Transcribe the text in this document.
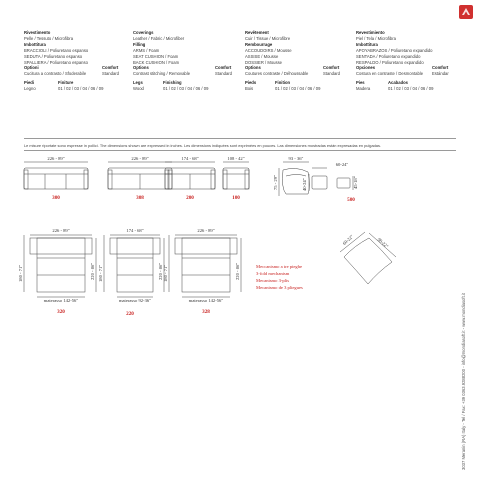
Rivestimento
Pelle / Tessuto / Microfibra
Imbottitura
BRACCIOLI / Poliuretano espanso
SEDUTA / Poliuretano espanso
SPALLIERA / Poliuretano espanso
Optioni	Comfort
Cucitura a contrasto / Sfoderabile	Standard
Piedi	Finiture
Legno	01 / 02 / 03 / 04 / 06 / 09
Coverings
Leather / Fabric / Microfiber
Filling
ARMS / Foam
SEAT CUSHION / Foam
BACK CUSHION / Foam
Options	Comfort
Contrast stitching / Removable	Standard
Legs	Finishing
Wood	01 / 02 / 03 / 04 / 06 / 09
Revêtement
Cuir / Tissue / Microfibre
Rembourrage
ACCOUDOIRS / Mousse
ASSISE / Mousse
DOSSIER / Mousse
Options	Comfort
Coutures contraste / Déhoussable	Standard
Pieds	Finition
Bois	01 / 02 / 03 / 04 / 06 / 09
Revestimiento
Piel / Tela / Microfibra
Imbottitura
APOYABRAZOS / Poliuretano expandido
SENTADA / Poliuretano expandido
RESPALDO / Poliuretano expandido
Opciones	Comfort
Costura en contraste / Desmontable Estándar
Pies	Acabados
Madera	01 / 02 / 03 / 04 / 06 / 09
Le misure riportate sono espresse in pollici. The dimensions shown are expressed in inches. Les dimensions indiquées sont exprimées en pouces. Las dimensiones mostradas están expresadas en pulgadas.
226 - 89"	226 - 89"	174 - 68"	108 - 42"	93 - 36"
75 - 29"
60-24"
40-24"	45-18"
300	308	200	100	500
226 - 89"	174 - 68"	226 - 89"
180 - 71"	180 - 71"	180 - 71"
220 - 86"	220 - 86"	220 - 86"
materasso 142-56"	materasso 92-36"	materasso 142-56"
320	220	328
Meccanismo a tre pieghe
3-fold mechanism
Mecanismo 3-plis
Mecanismo de 3 pliegues
90-22"
60-22"
3037 Meranin (RA) Italy - Tel / Fax: +39 0363.9288200 - info@mondiasoft.it - www.mondiasoft.it
